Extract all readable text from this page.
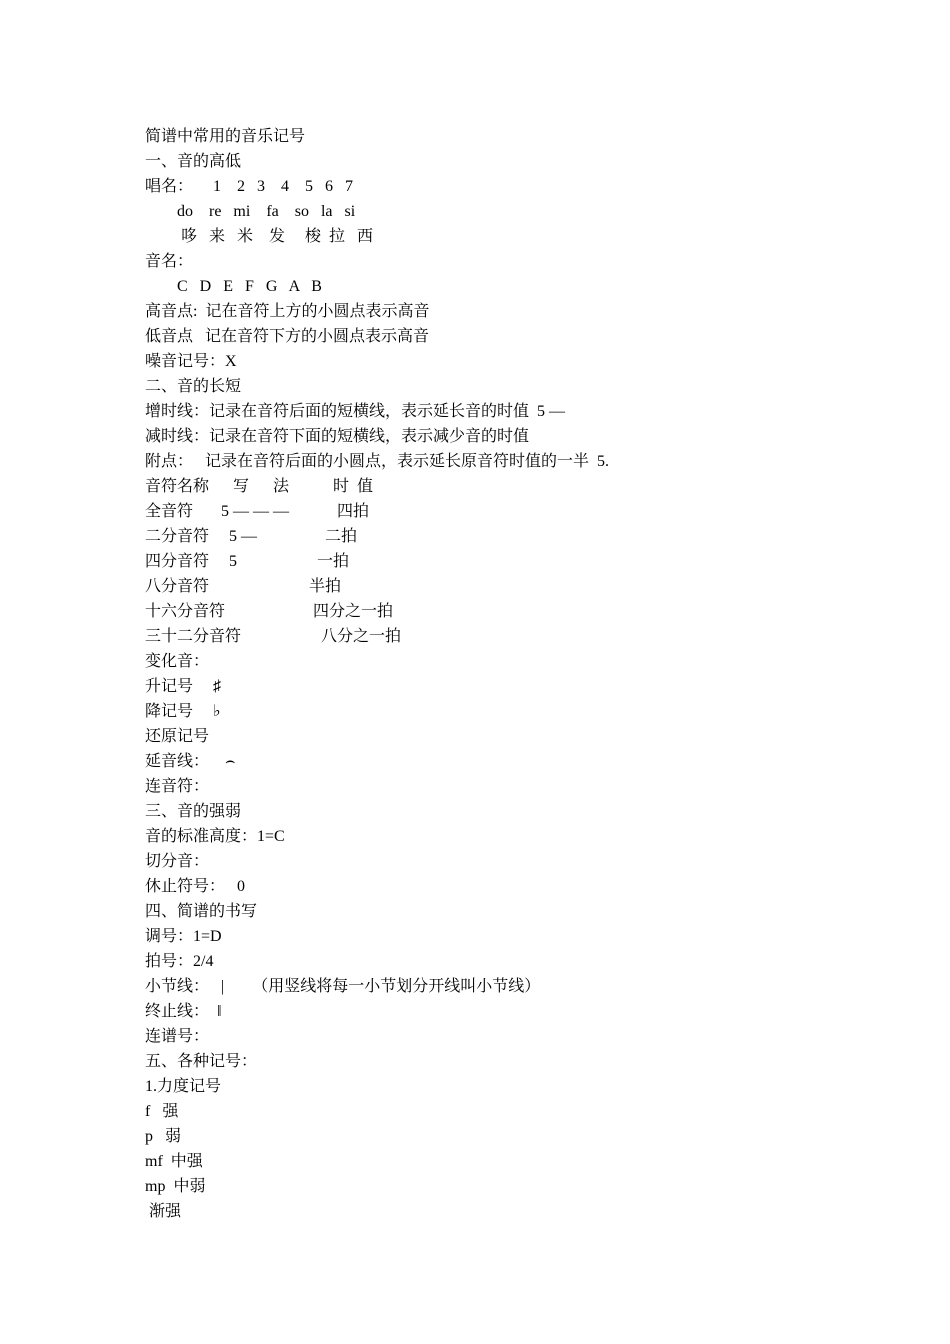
简谱中常用的音乐记号
一、音的高低
唱名：     1    2   3    4    5   6   7
do    re   mi    fa    so   la   si
哆   来   米    发     梭  拉   西
音名：
C   D   E   F   G   A   B
高音点:  记在音符上方的小圆点表示高音
低音点   记在音符下方的小圆点表示高音
噪音记号：X
二、音的长短
增时线：记录在音符后面的短横线，表示延长音的时值  5 —
减时线：记录在音符下面的短横线，表示减少音的时值
附点：   记录在音符后面的小圆点，表示延长原音符时值的一半  5.
音符名称      写      法           时  值
全音符       5 — — —            四拍
二分音符     5 —                 二拍
四分音符     5                    一拍
八分音符                         半拍
十六分音符                      四分之一拍
三十二分音符                    八分之一拍
变化音：
升记号     ♯
降记号     ♭
还原记号
延音线：    ⌢
连音符：
三、音的强弱
音的标准高度：1=C
切分音：
休止符号：   0
四、简谱的书写
调号：1=D
拍号：2/4
小节线：   |       （用竖线将每一小节划分开线叫小节线）
终止线：  ‖
连谱号：
五、各种记号：
1.力度记号
f   强
p   弱
mf  中强
mp  中弱
渐强
